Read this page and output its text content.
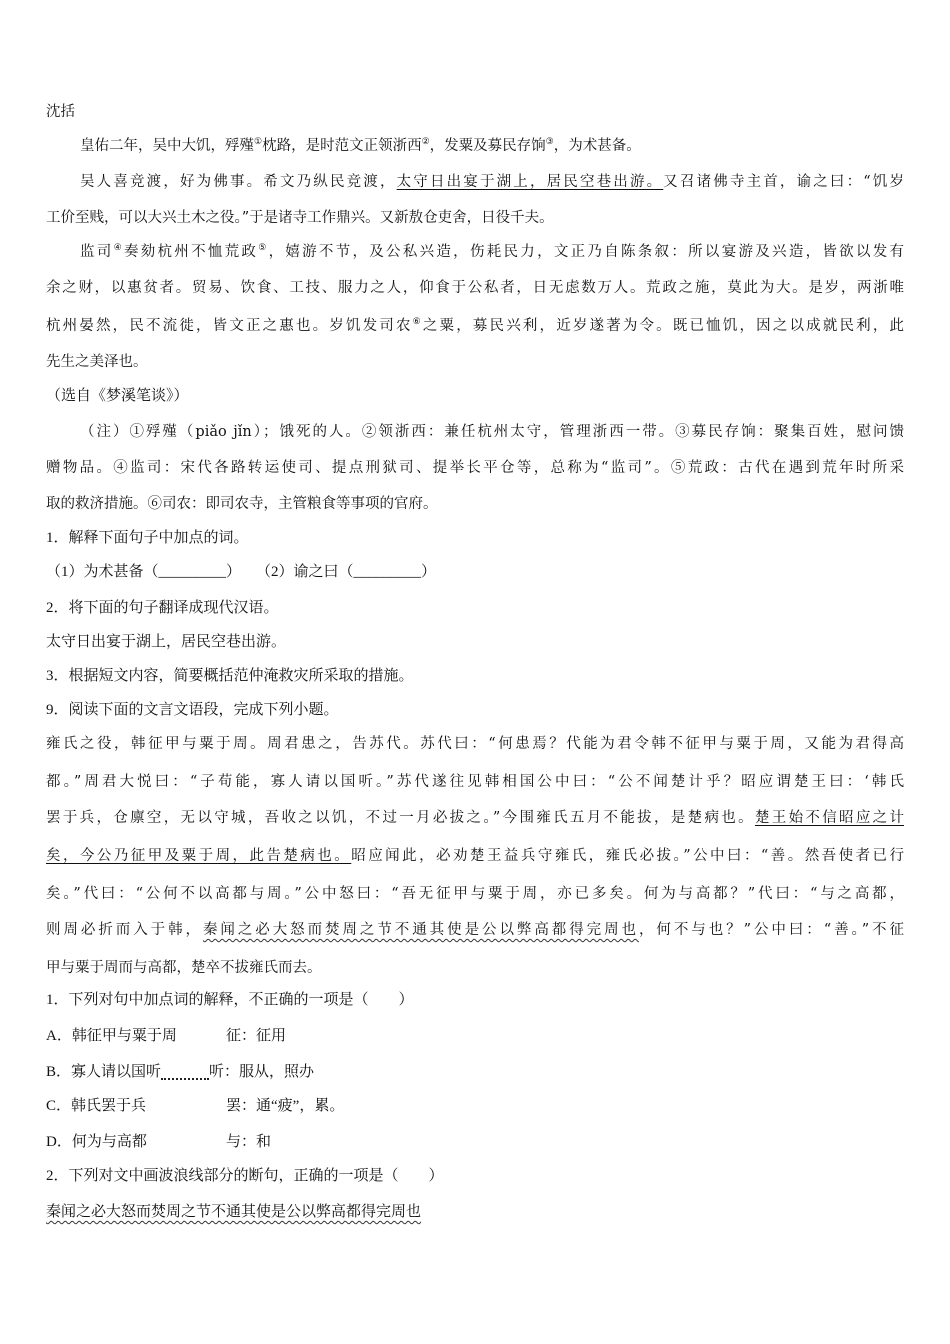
沈括
皇佑二年，吴中大饥，殍殣①枕路，是时范文正领浙西②，发粟及募民存饷③，为术甚备。
吴人喜竞渡，好为佛事。希文乃纵民竞渡，太守日出宴于湖上，居民空巷出游。又召诸佛寺主首，谕之曰：“饥岁
工价至贱，可以大兴土木之役。”于是诸寺工作鼎兴。又新敖仓吏舍，日役千夫。
监司④奏劾杭州不恤荒政⑤，嬉游不节，及公私兴造，伤耗民力，文正乃自陈条叙：所以宴游及兴造，皆欲以发有
余之财，以惠贫者。贸易、饮食、工技、服力之人，仰食于公私者，日无虑数万人。荒政之施，莫此为大。是岁，两浙唯
杭州晏然，民不流徙，皆文正之惠也。岁饥发司农⑥之粟，募民兴利，近岁遂著为令。既已恤饥，因之以成就民利，此
先生之美泽也。
（选自《梦溪笔谈》）
（注）①殍殣（piǎo jǐn）；饿死的人。②领浙西：兼任杭州太守，管理浙西一带。③募民存饷：聚集百姓，慰问馈
赠物品。④监司：宋代各路转运使司、提点刑狱司、提举长平仓等，总称为“监司”。⑤荒政：古代在遇到荒年时所采
取的救济措施。⑥司农：即司农寺，主管粮食等事项的官府。
1．解释下面句子中加点的词。
（1）为术甚备（_________）　　（2）谕之曰（_________）
2．将下面的句子翻译成现代汉语。
太守日出宴于湖上，居民空巷出游。
3．根据短文内容，简要概括范仲淹救灾所采取的措施。
9．阅读下面的文言文语段，完成下列小题。
雍氏之役，韩征甲与粟于周。周君患之，告苏代。苏代曰：“何患焉？代能为君令韩不征甲与粟于周，又能为君得高
都。”周君大悦曰：“子苟能，寡人请以国听。”苏代遂往见韩相国公中曰：“公不闻楚计乎？昭应谓楚王曰：‘韩氏
罢于兵，仓廪空，无以守城，吾收之以饥，不过一月必拔之。”今围雍氏五月不能拔，是楚病也。楚王始不信昭应之计
矣，今公乃征甲及粟于周，此告楚病也。昭应闻此，必劝楚王益兵守雍氏，雍氏必拔。”公中曰：“善。然吾使者已行
矣。”代曰：“公何不以高都与周。”公中怒曰：“吾无征甲与粟于周，亦已多矣。何为与高都？”代曰：“与之高都，
则周必折而入于韩，秦闻之必大怒而焚周之节不通其使是公以弊高都得完周也，何不与也？”公中曰：“善。”不征
甲与粟于周而与高都，楚卒不拔雍氏而去。
1．下列对句中加点词的解释，不正确的一项是（　　）
A．韩征甲与粟于周	征：征用
B．寡人请以国听	听：服从，照办
C．韩氏罢于兵	罢：通“疲”，累。
D．何为与高都	与：和
2．下列对文中画波浪线部分的断句，正确的一项是（　　）
秦闻之必大怒而焚周之节不通其使是公以弊高都得完周也
